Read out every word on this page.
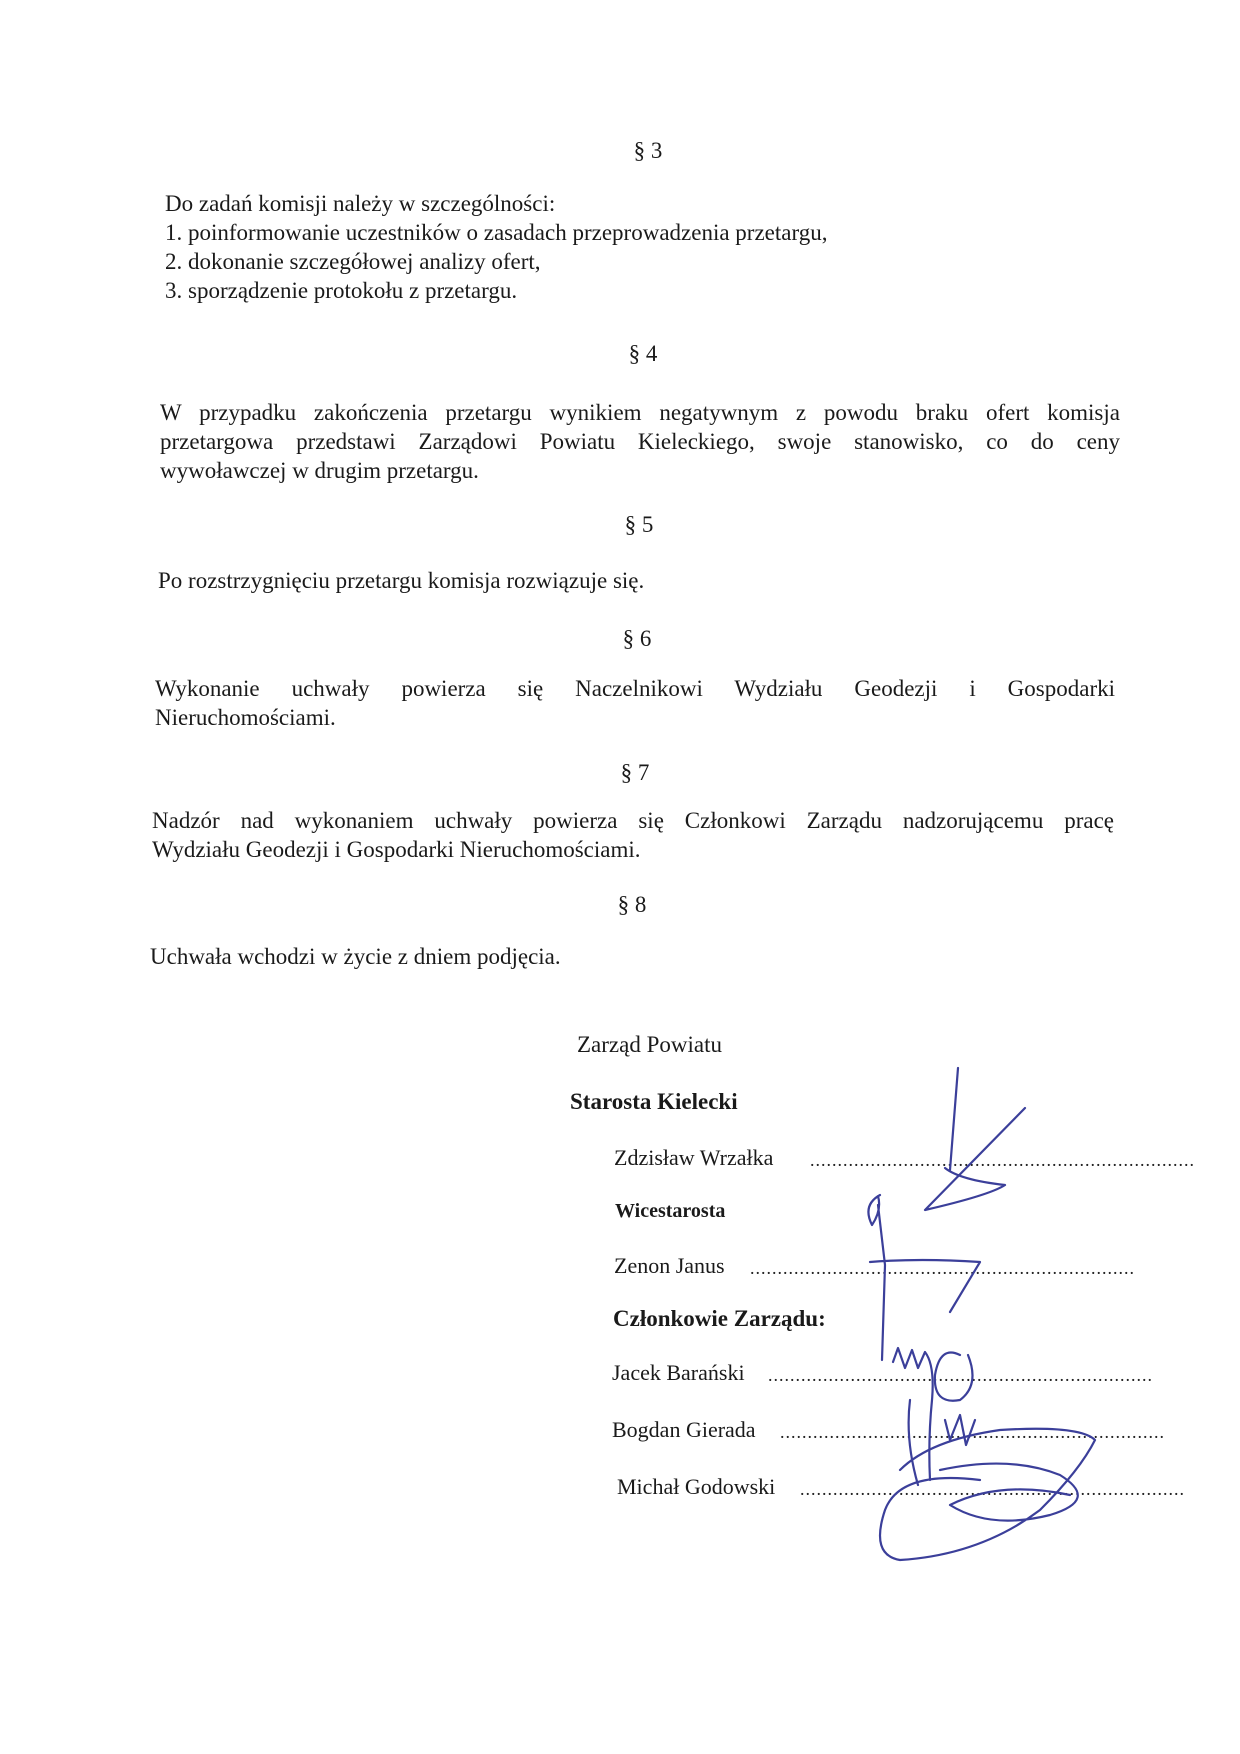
§ 3
Do zadań komisji należy w szczególności:
1. poinformowanie uczestników o zasadach przeprowadzenia przetargu,
2. dokonanie szczegółowej analizy ofert,
3. sporządzenie protokołu z przetargu.
§ 4
W przypadku zakończenia przetargu wynikiem negatywnym z powodu braku ofert komisja
przetargowa przedstawi Zarządowi Powiatu Kieleckiego, swoje stanowisko, co do ceny
wywoławczej w drugim przetargu.
§ 5
Po rozstrzygnięciu przetargu komisja rozwiązuje się.
§ 6
Wykonanie uchwały powierza się Naczelnikowi Wydziału Geodezji i Gospodarki
Nieruchomościami.
§ 7
Nadzór nad wykonaniem uchwały powierza się Członkowi Zarządu nadzorującemu pracę
Wydziału Geodezji i Gospodarki Nieruchomościami.
§ 8
Uchwała wchodzi w życie z dniem podjęcia.
Zarząd Powiatu
Starosta Kielecki
Zdzisław Wrzałka ......................................................................
Wicestarosta
Zenon Janus ......................................................................
Członkowie Zarządu:
Jacek Barański ......................................................................
Bogdan Gierada ......................................................................
Michał Godowski ......................................................................
